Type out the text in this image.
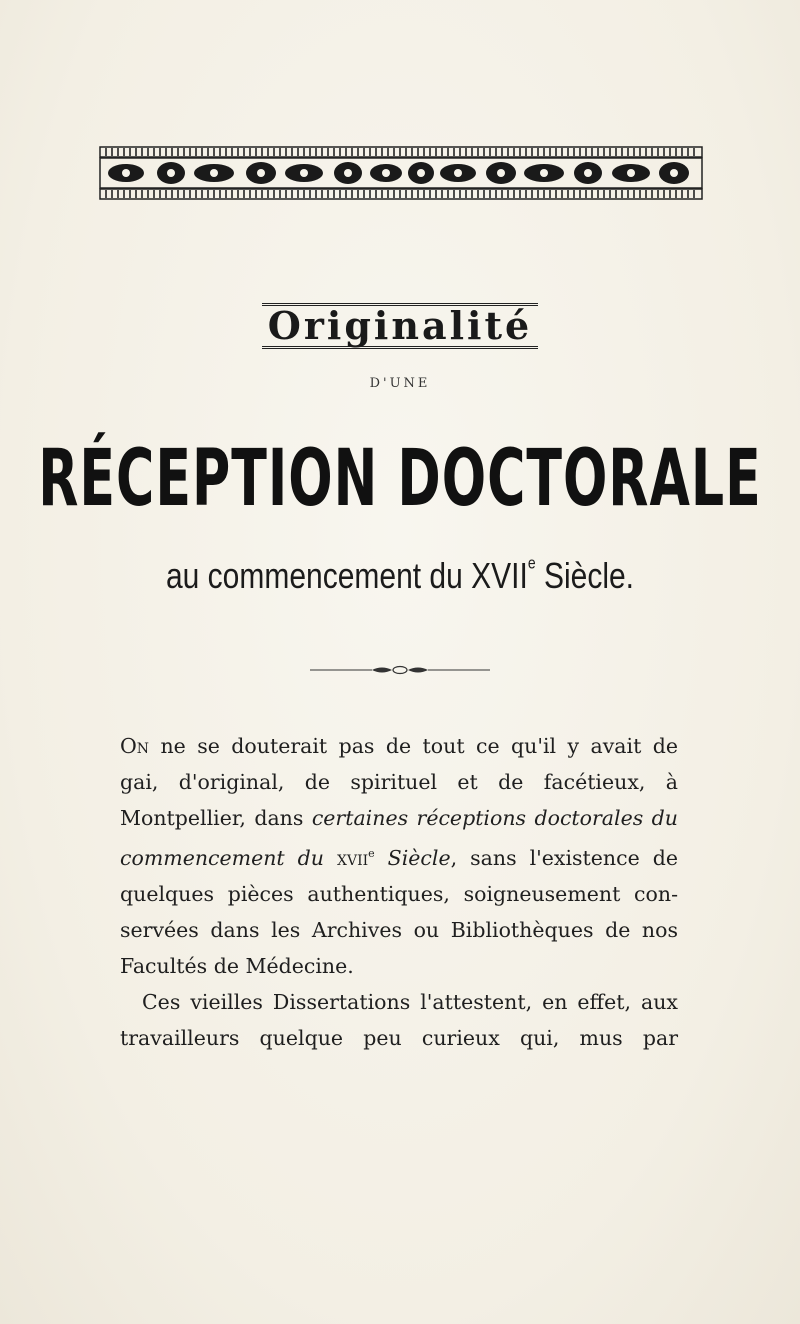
Originalité
D'UNE
RÉCEPTION DOCTORALE
au commencement du XVIIe Siècle.

On ne se douterait pas de tout ce qu'il y avait de
gai, d'original, de spirituel et de facétieux, à
Montpellier, dans certaines réceptions doctorales du
commencement du xvii$^e$ Siècle, sans l'existence de
quelques pièces authentiques, soigneusement con-
servées dans les Archives ou Bibliothèques de nos
Facultés de Médecine.

Ces vieilles Dissertations l'attestent, en effet, aux

travailleurs quelque peu curieux qui, mus par
